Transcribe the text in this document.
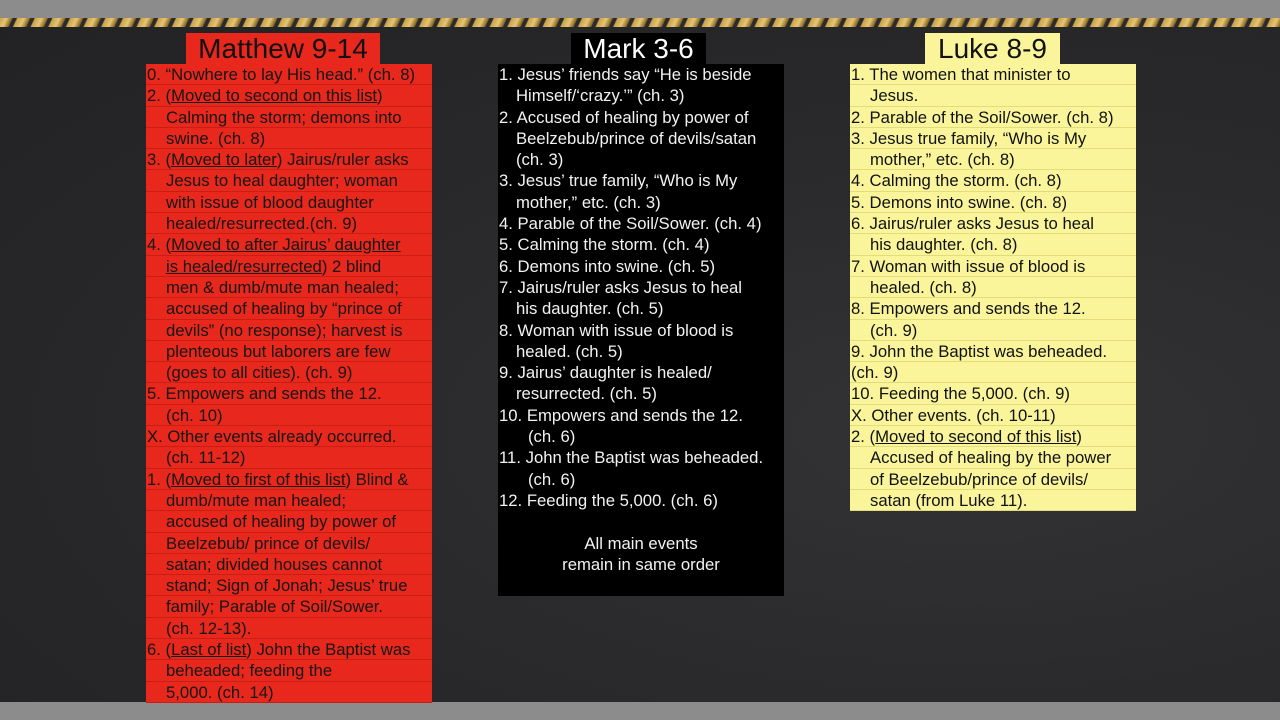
Matthew 9-14	Mark 3-6	Luke 8-9
0. “Nowhere to lay His head.” (ch. 8)
2. (Moved to second on this list)
Calming the storm; demons into
swine. (ch. 8)
3. (Moved to later) Jairus/ruler asks
Jesus to heal daughter; woman
with issue of blood daughter
healed/resurrected.(ch. 9)
4. (Moved to after Jairus’ daughter
is healed/resurrected) 2 blind
men & dumb/mute man healed;
accused of healing by “prince of
devils” (no response); harvest is
plenteous but laborers are few
(goes to all cities). (ch. 9)
5. Empowers and sends the 12.
(ch. 10)
X. Other events already occurred.
(ch. 11-12)
1. (Moved to first of this list) Blind &
dumb/mute man healed;
accused of healing by power of
Beelzebub/ prince of devils/
satan; divided houses cannot
stand; Sign of Jonah; Jesus’ true
family; Parable of Soil/Sower.
(ch. 12-13).
6. (Last of list) John the Baptist was
beheaded; feeding the
5,000. (ch. 14)
1. Jesus’ friends say “He is beside
Himself/‘crazy.’” (ch. 3)
2. Accused of healing by power of
Beelzebub/prince of devils/satan
(ch. 3)
3. Jesus’ true family, “Who is My
mother,” etc. (ch. 3)
4. Parable of the Soil/Sower. (ch. 4)
5. Calming the storm. (ch. 4)
6. Demons into swine. (ch. 5)
7. Jairus/ruler asks Jesus to heal
his daughter. (ch. 5)
8. Woman with issue of blood is
healed. (ch. 5)
9. Jairus’ daughter is healed/
resurrected. (ch. 5)
10. Empowers and sends the 12.
(ch. 6)
11. John the Baptist was beheaded.
(ch. 6)
12. Feeding the 5,000. (ch. 6)
All main events
remain in same order
1. The women that minister to
Jesus.
2. Parable of the Soil/Sower. (ch. 8)
3. Jesus true family, “Who is My
mother,” etc. (ch. 8)
4. Calming the storm. (ch. 8)
5. Demons into swine. (ch. 8)
6. Jairus/ruler asks Jesus to heal
his daughter. (ch. 8)
7. Woman with issue of blood is
healed. (ch. 8)
8. Empowers and sends the 12.
(ch. 9)
9. John the Baptist was beheaded.
(ch. 9)
10. Feeding the 5,000. (ch. 9)
X. Other events. (ch. 10-11)
2. (Moved to second of this list)
Accused of healing by the power
of Beelzebub/prince of devils/
satan (from Luke 11).
